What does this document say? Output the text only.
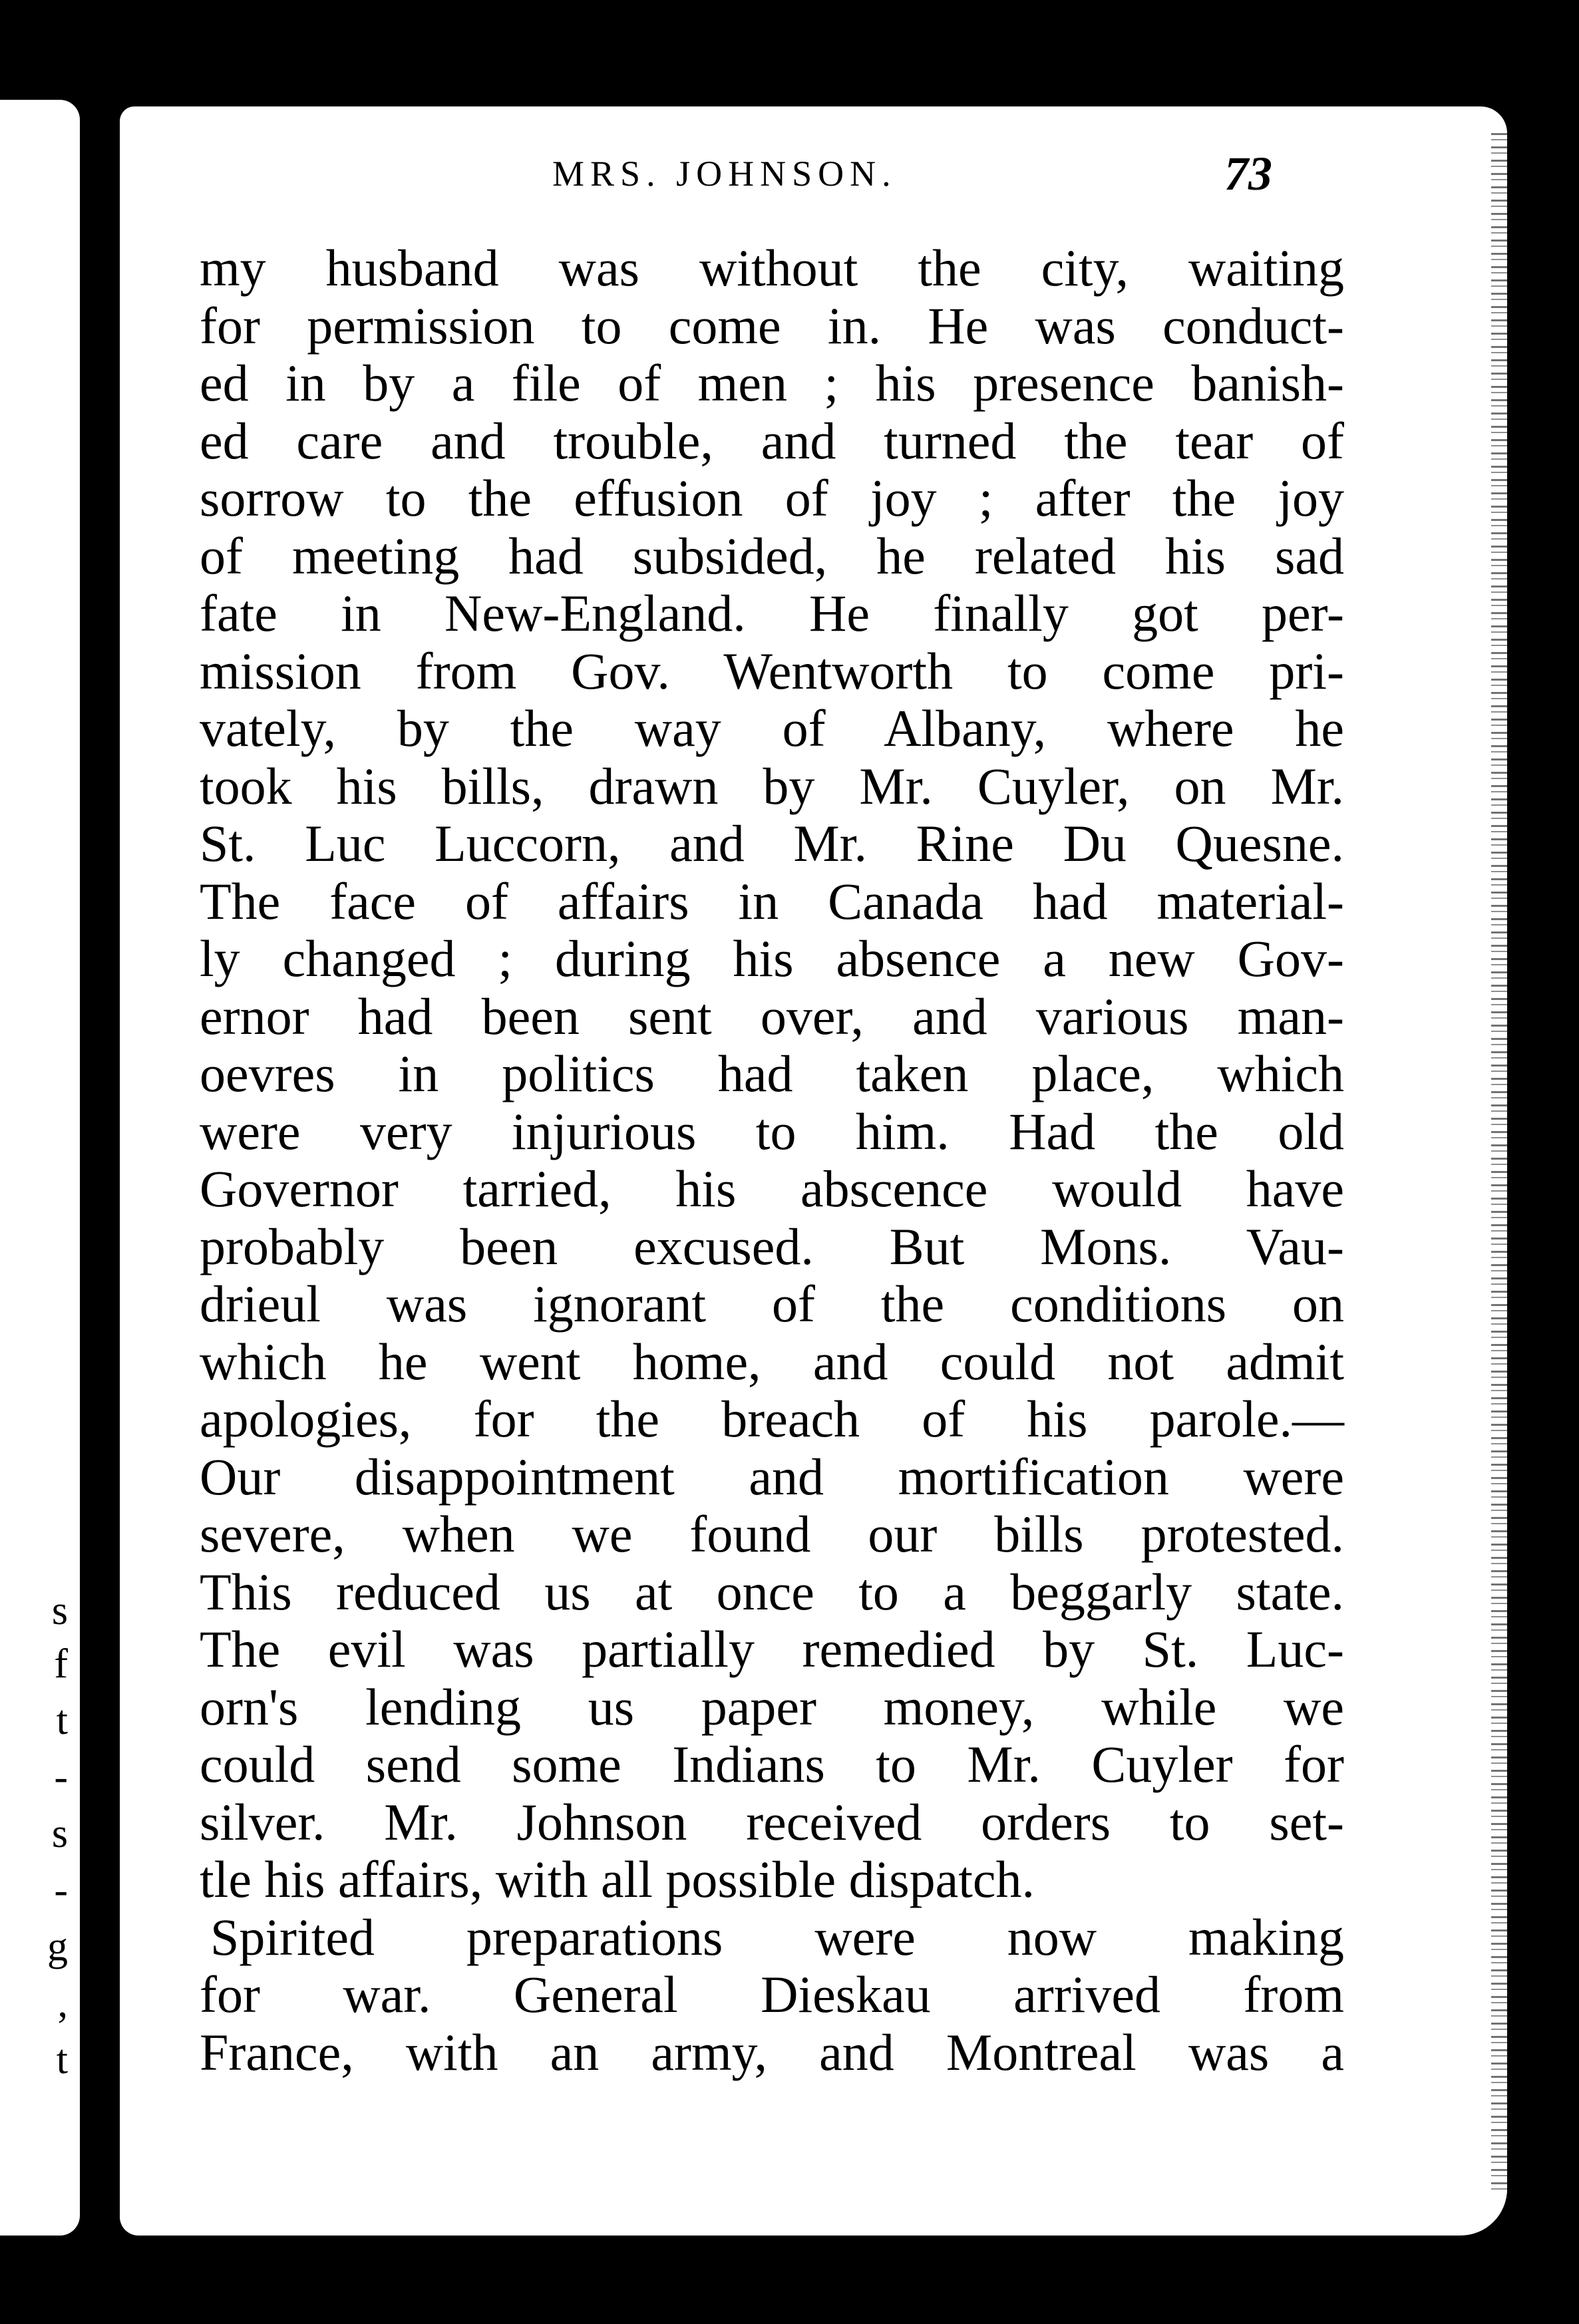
s
f
t
-
s
-
g
,
t
MRS. JOHNSON.	73
my husband was without the city, waiting
for permission to come in. He was conduct-
ed in by a file of men ; his presence banish-
ed care and trouble, and turned the tear of
sorrow to the effusion of joy ; after the joy
of meeting had subsided, he related his sad
fate in New-England. He finally got per-
mission from Gov. Wentworth to come pri-
vately, by the way of Albany, where he
took his bills, drawn by Mr. Cuyler, on Mr.
St. Luc Luccorn, and Mr. Rine Du Quesne.
The face of affairs in Canada had material-
ly changed ; during his absence a new Gov-
ernor had been sent over, and various man-
oevres in politics had taken place, which
were very injurious to him. Had the old
Governor tarried, his abscence would have
probably been excused. But Mons. Vau-
drieul was ignorant of the conditions on
which he went home, and could not admit
apologies, for the breach of his parole.—
Our disappointment and mortification were
severe, when we found our bills protested.
This reduced us at once to a beggarly state.
The evil was partially remedied by St. Luc-
orn's lending us paper money, while we
could send some Indians to Mr. Cuyler for
silver. Mr. Johnson received orders to set-
tle his affairs, with all possible dispatch.
Spirited preparations were now making
for war. General Dieskau arrived from
France, with an army, and Montreal was a
